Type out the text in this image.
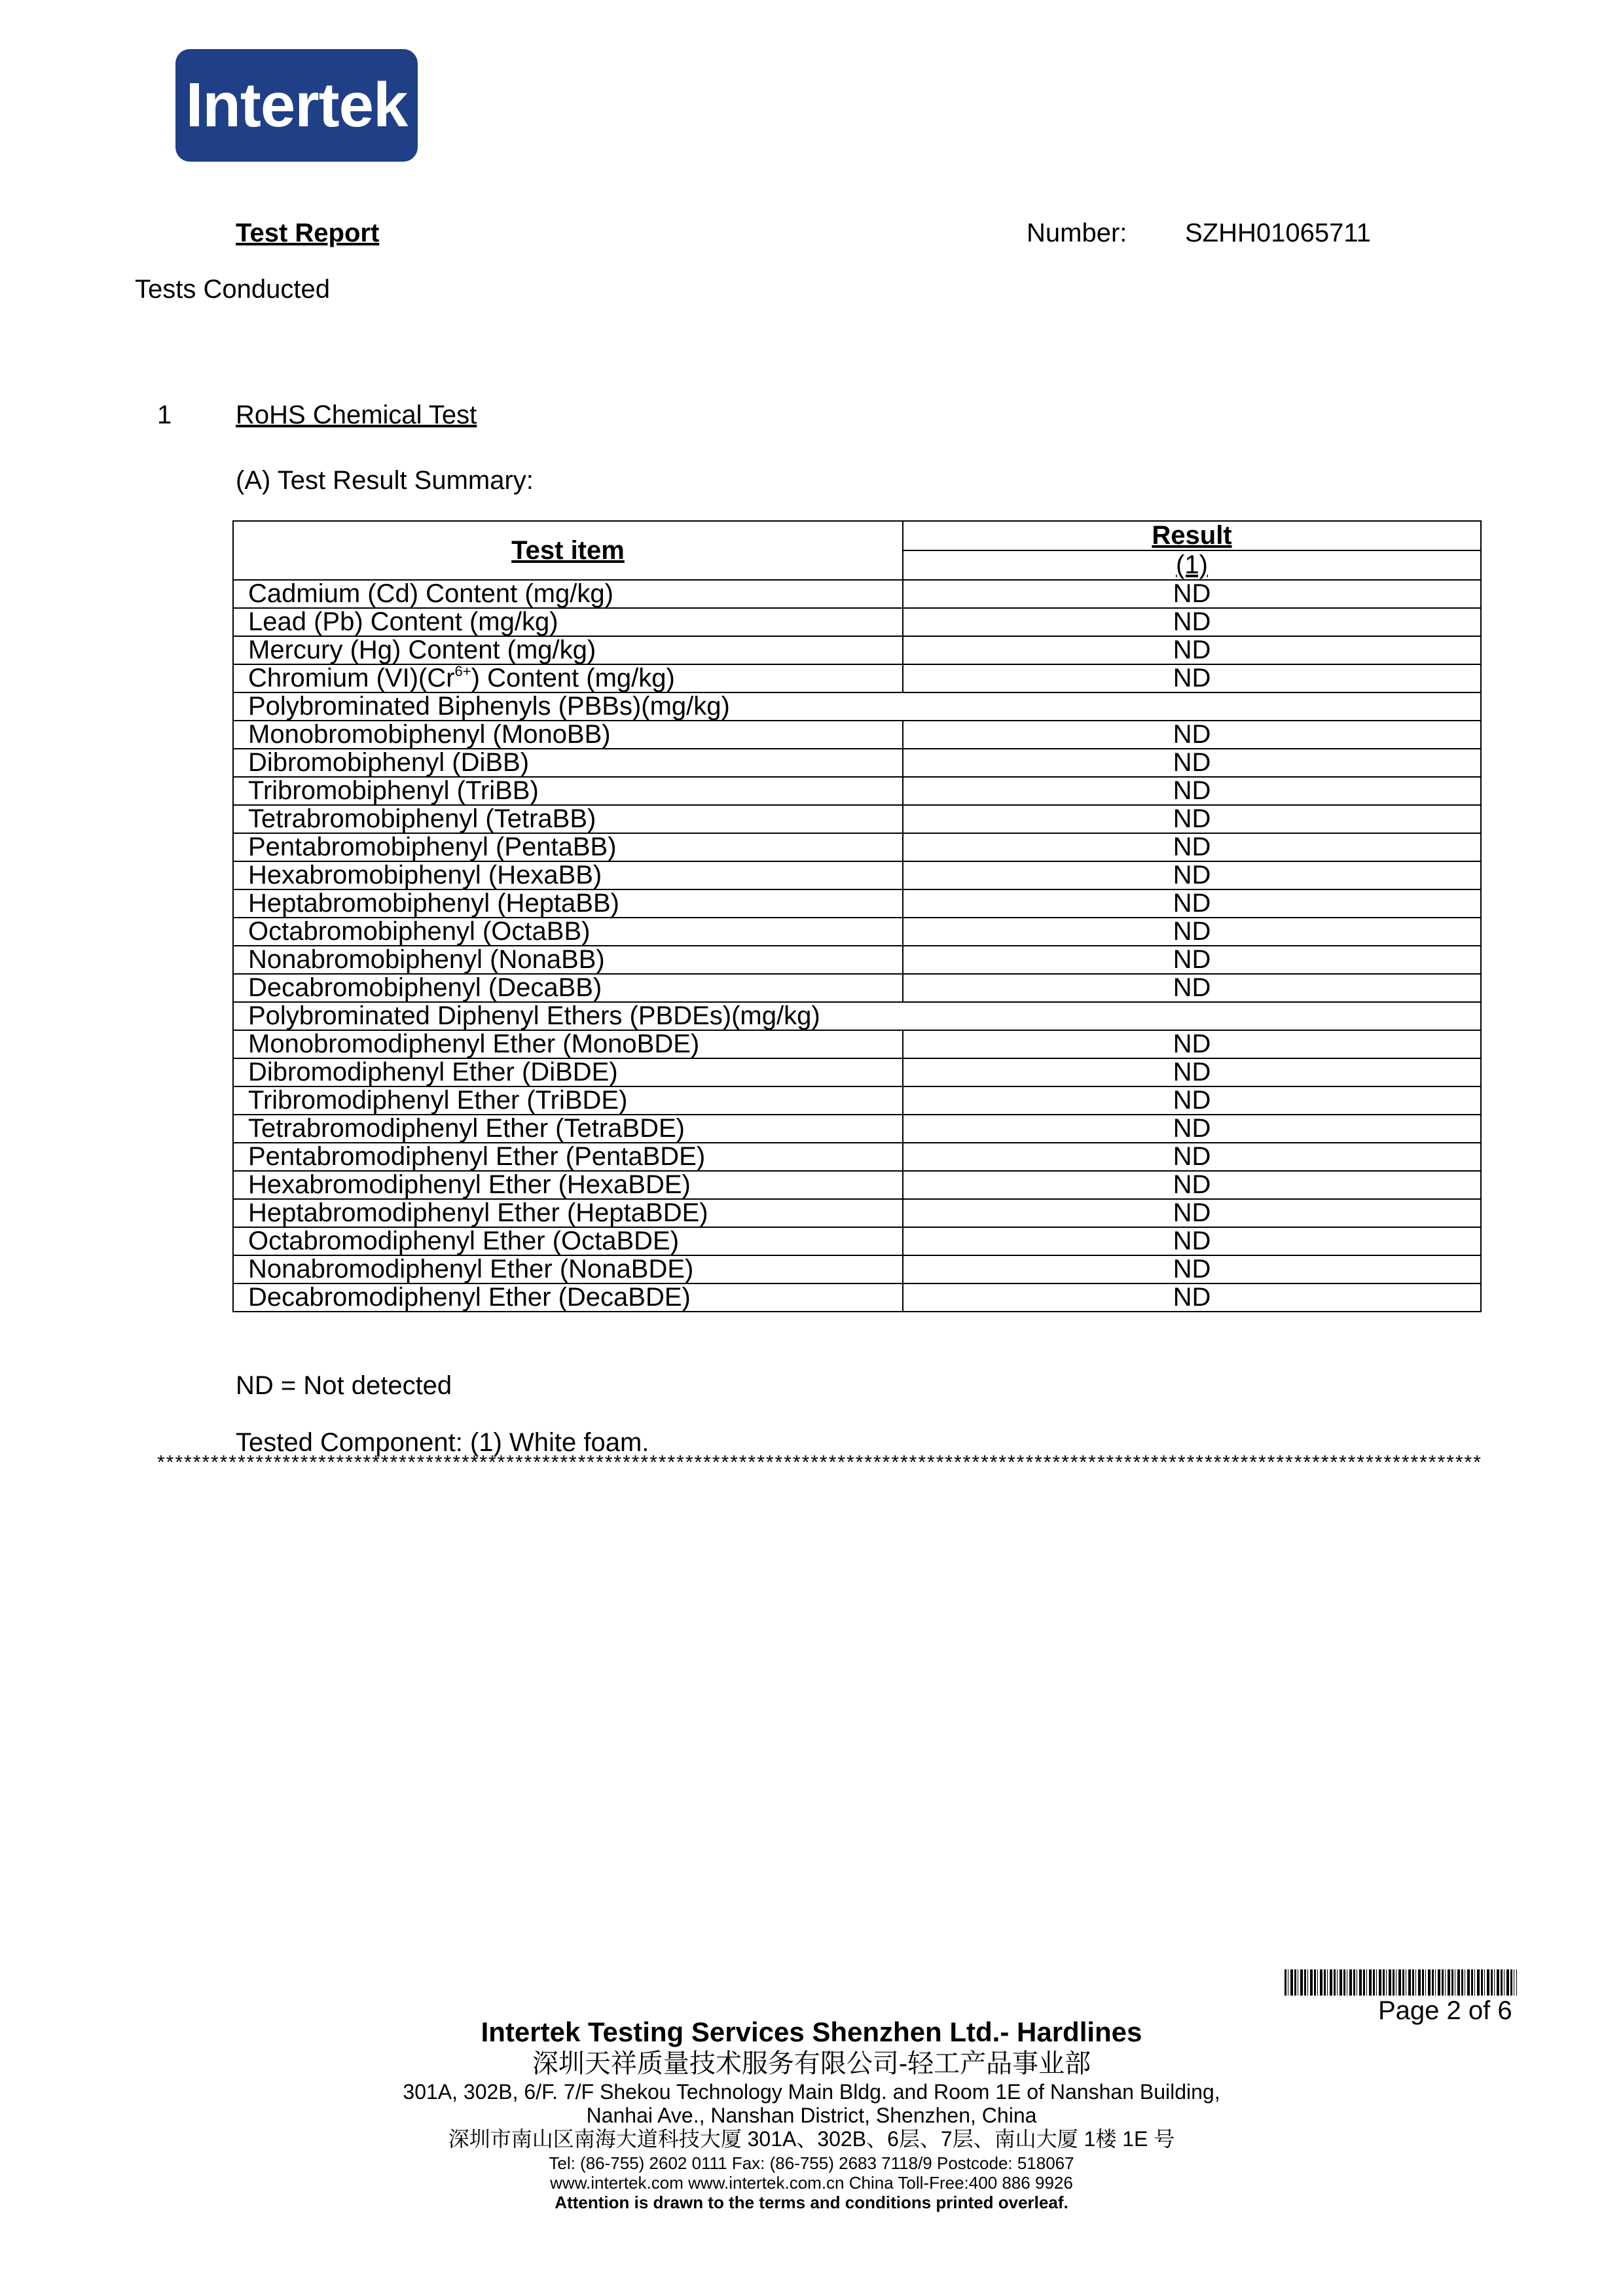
Intertek
Test Report	Number: SZHH01065711
Tests Conducted
1 RoHS Chemical Test
(A) Test Result Summary:
Test item	Result
	(1)
Cadmium (Cd) Content (mg/kg)	ND
Lead (Pb) Content (mg/kg)	ND
Mercury (Hg) Content (mg/kg)	ND
Chromium $(VI)(Cr^{6+})$ Content (mg/kg)	ND
Polybrominated Biphenyls (PBBs)(mg/kg)	
Monobromobiphenyl (MonoBB)	ND
Dibromobiphenyl (DiBB)	ND
Tribromobiphenyl (TriBB)	ND
Tetrabromobiphenyl (TetraBB)	ND
Pentabromobiphenyl (PentaBB)	ND
Hexabromobiphenyl (HexaBB)	ND
Heptabromobiphenyl (HeptaBB)	ND
Octabromobiphenyl (OctaBB)	ND
Nonabromobiphenyl (NonaBB)	ND
Decabromobiphenyl (DecaBB)	ND
Polybrominated Diphenyl Ethers (PBDEs)(mg/kg)	
Monobromodiphenyl Ether (MonoBDE)	ND
Dibromodiphenyl Ether (DiBDE)	ND
Tribromodiphenyl Ether (TriBDE)	ND
Tetrabromodiphenyl Ether (TetraBDE)	ND
Pentabromodiphenyl Ether (PentaBDE)	ND
Hexabromodiphenyl Ether (HexaBDE)	ND
Heptabromodiphenyl Ether (HeptaBDE)	ND
Octabromodiphenyl Ether (OctaBDE)	ND
Nonabromodiphenyl Ether (NonaBDE)	ND
Decabromodiphenyl Ether (DecaBDE)	ND
ND = Not detected
Tested Component: (1) White foam.
****************************************************************************************************************************************************
Page 2 of 6
Intertek Testing Services Shenzhen Ltd.- Hardlines
深圳天祥质量技术服务有限公司-轻工产品事业部
301A, 302B, 6/F. 7/F Shekou Technology Main Bldg. and Room 1E of Nanshan Building,
Nanhai Ave., Nanshan District, Shenzhen, China
深圳市南山区南海大道科技大厦 301A、302B、6层、7层、南山大厦 1楼 1E 号
Tel: (86-755) 2602 0111 Fax: (86-755) 2683 7118/9 Postcode: 518067
www.intertek.com www.intertek.com.cn China Toll-Free:400 886 9926
Attention is drawn to the terms and conditions printed overleaf.
